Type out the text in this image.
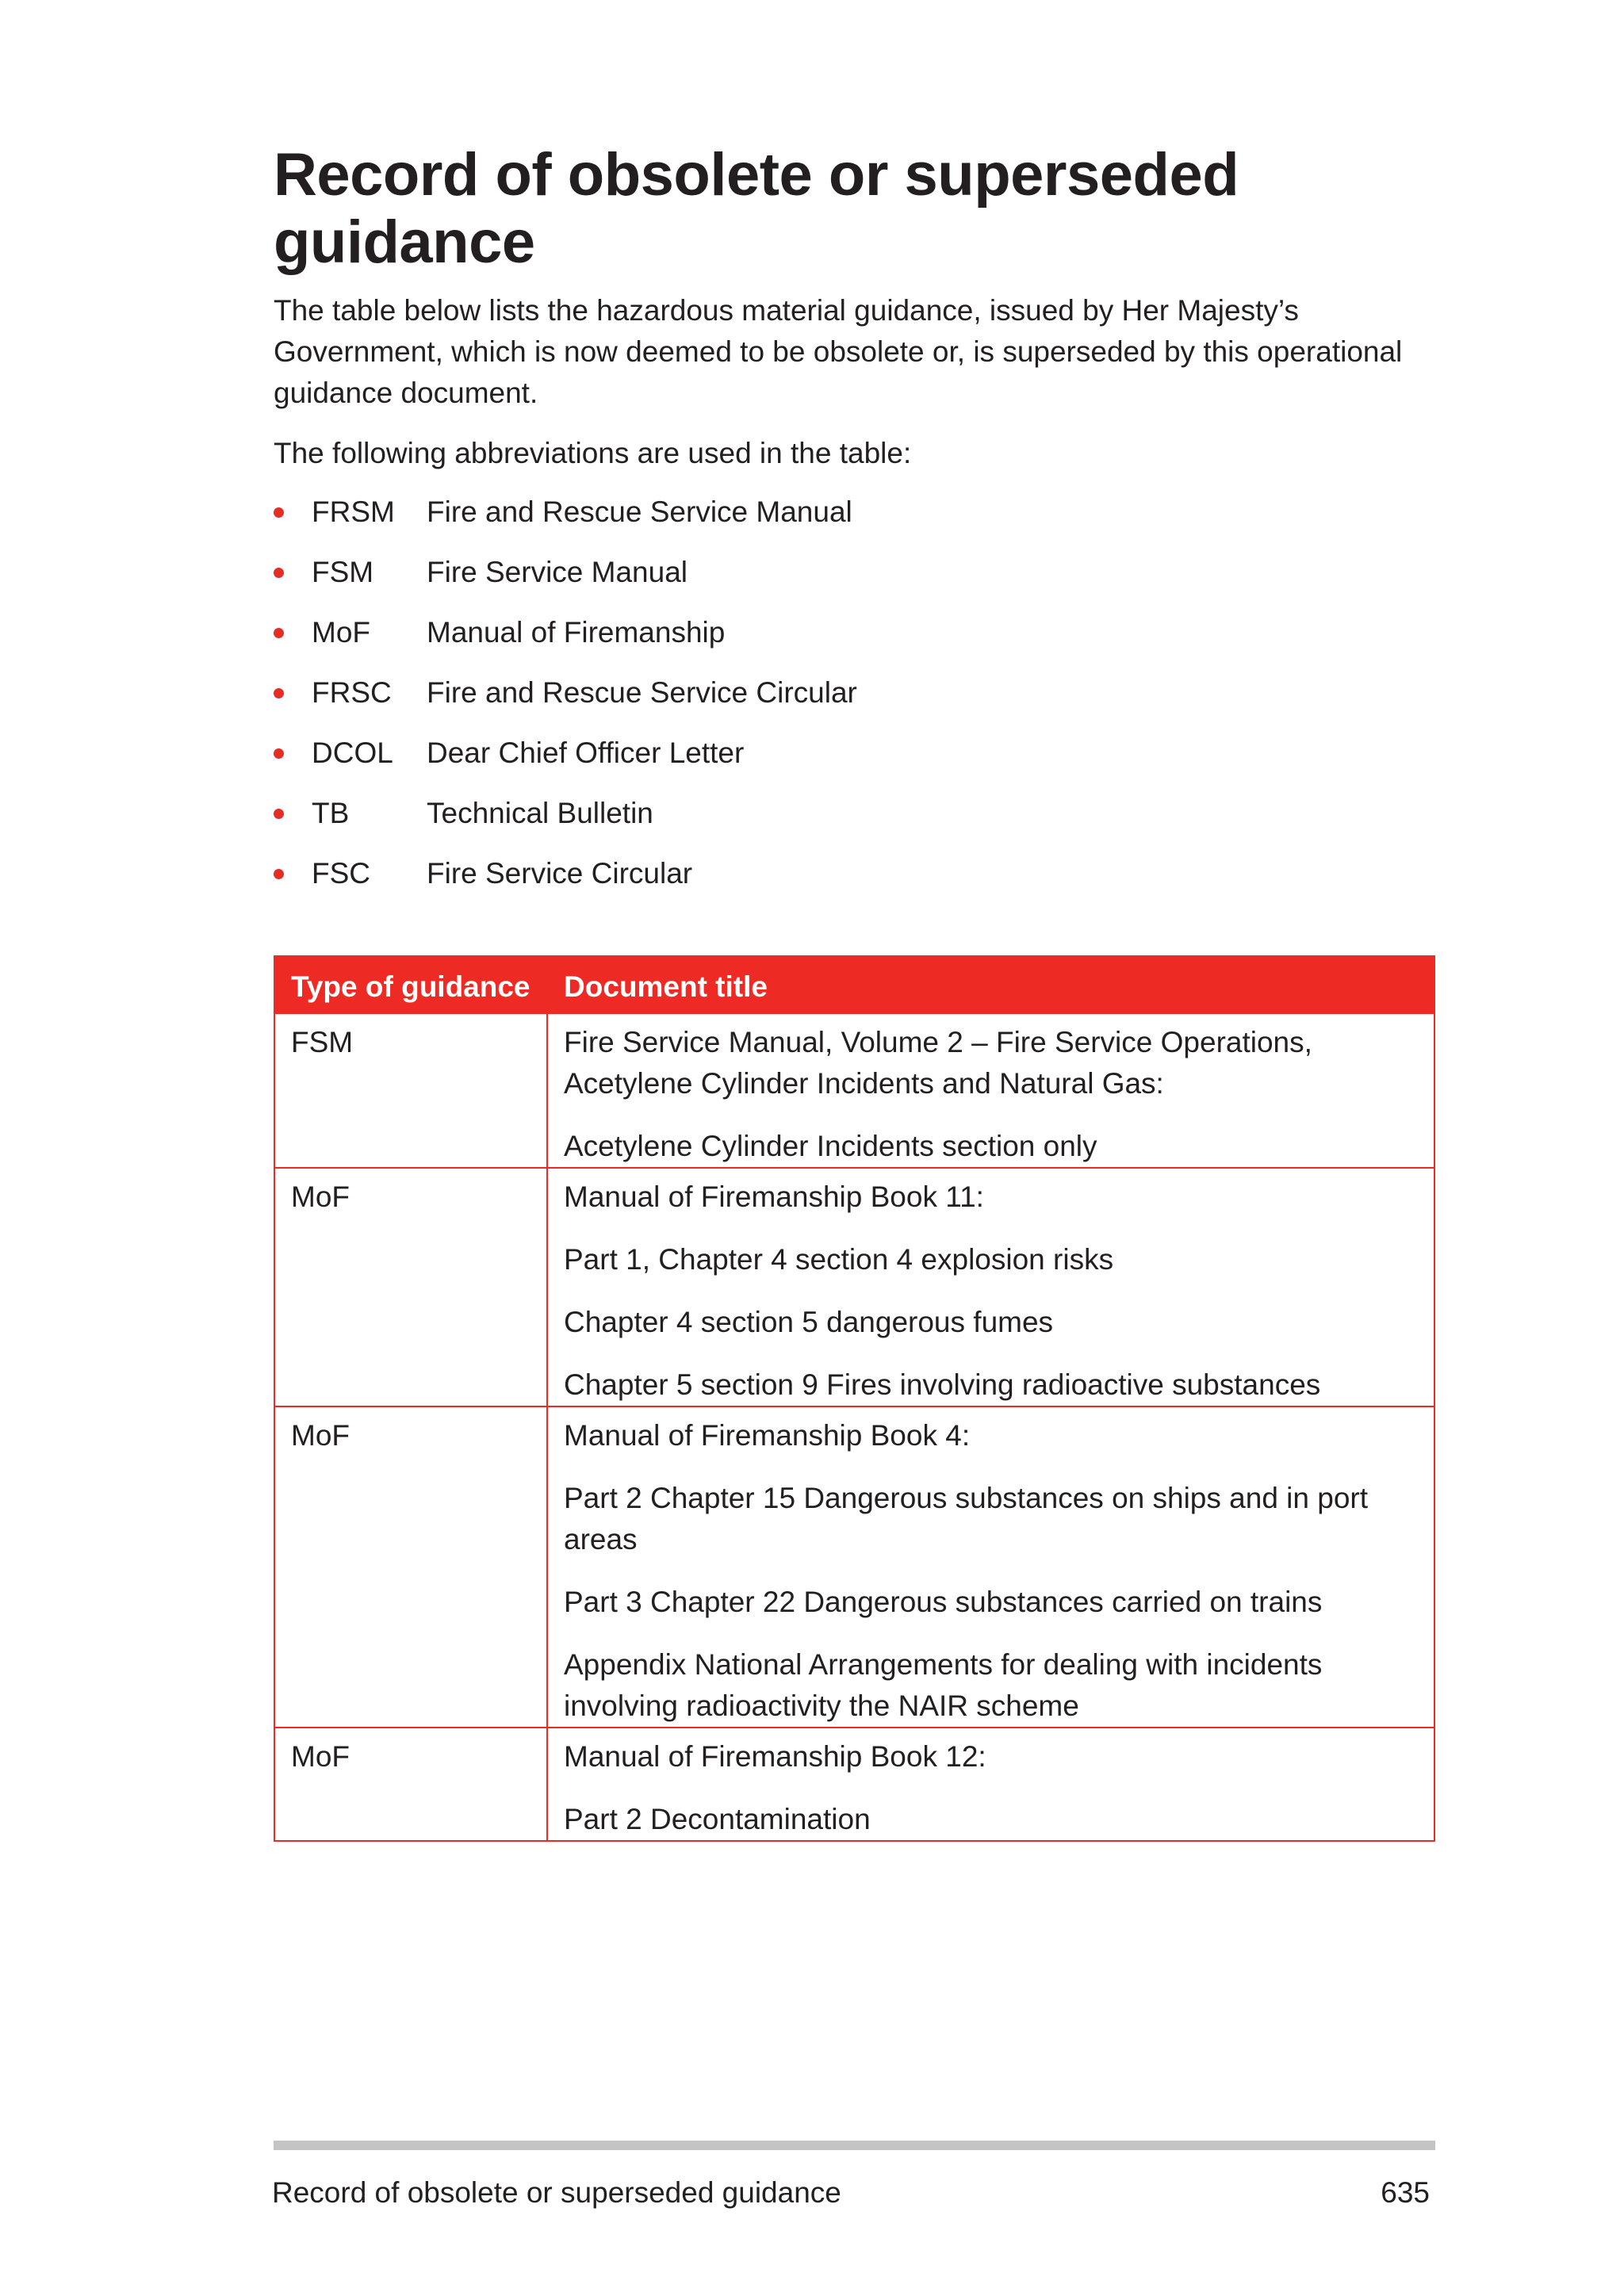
Record of obsolete or superseded guidance

The table below lists the hazardous material guidance, issued by Her Majesty’s Government, which is now deemed to be obsolete or, is superseded by this operational guidance document.

The following abbreviations are used in the table:

FRSM	Fire and Rescue Service Manual
FSM	Fire Service Manual
MoF	Manual of Firemanship
FRSC	Fire and Rescue Service Circular
DCOL	Dear Chief Officer Letter
TB	Technical Bulletin
FSC	Fire Service Circular
Type of guidance	Document title
FSM	Fire Service Manual, Volume 2 – Fire Service Operations, Acetylene Cylinder Incidents and Natural Gas:

Acetylene Cylinder Incidents section only

MoF	Manual of Firemanship Book 11:

Part 1, Chapter 4 section 4 explosion risks

Chapter 4 section 5 dangerous fumes

Chapter 5 section 9 Fires involving radioactive substances

MoF	Manual of Firemanship Book 4:

Part 2 Chapter 15 Dangerous substances on ships and in port areas

Part 3 Chapter 22 Dangerous substances carried on trains

Appendix National Arrangements for dealing with incidents involving radioactivity the NAIR scheme

MoF	Manual of Firemanship Book 12:

Part 2 Decontamination

Record of obsolete or superseded guidance	635
